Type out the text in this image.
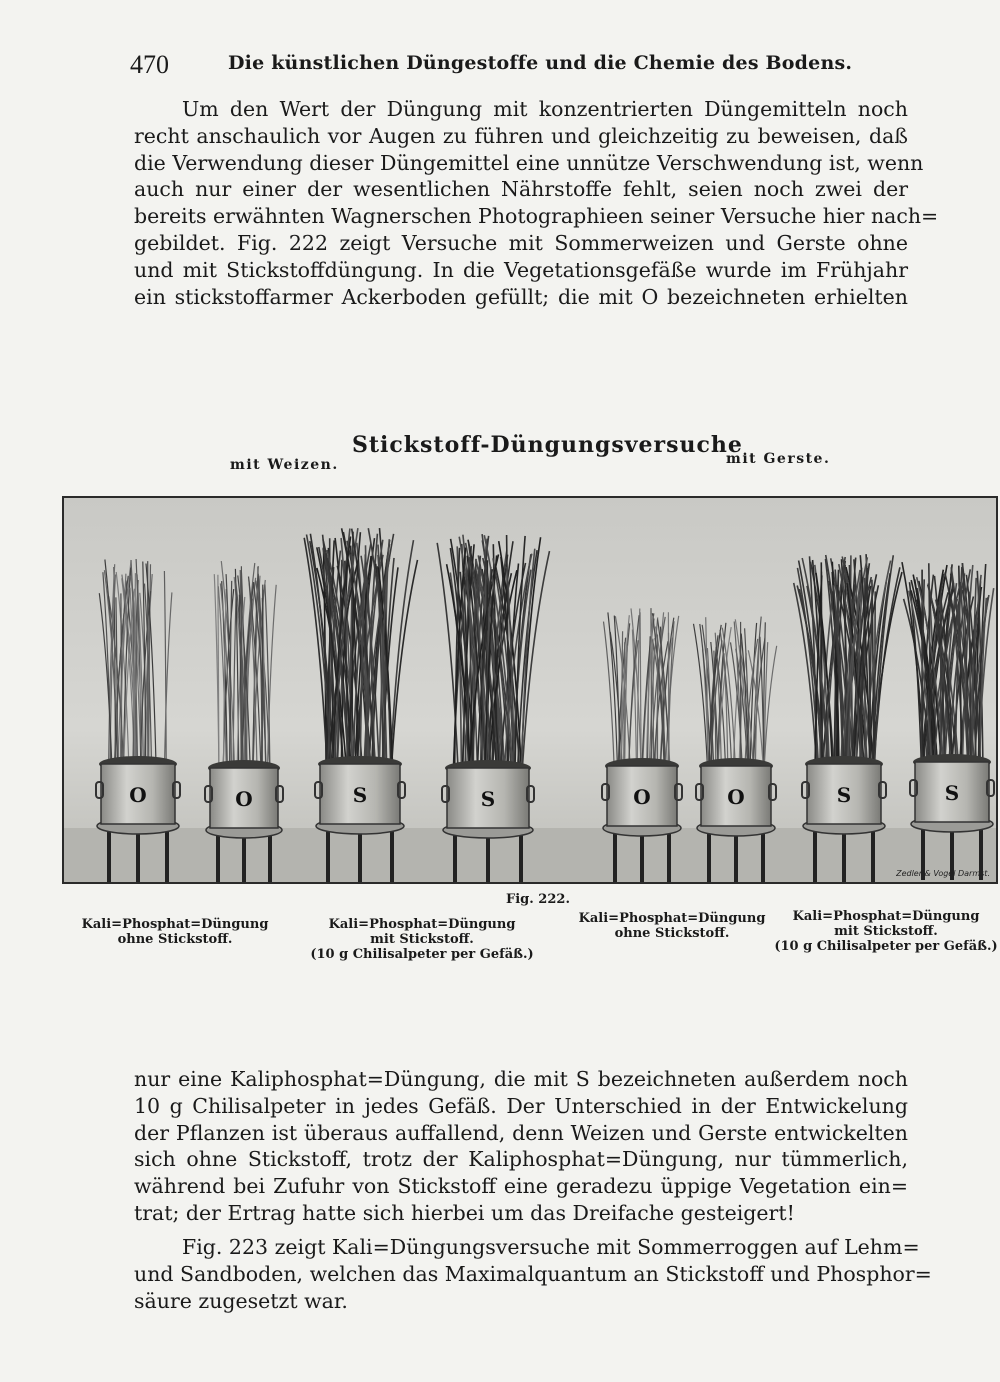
470	Die künstlichen Düngestoffe und die Chemie des Bodens.

Um den Wert der Düngung mit konzentrierten Düngemitteln noch
recht anschaulich vor Augen zu führen und gleichzeitig zu beweisen, daß
die Verwendung dieser Düngemittel eine unnütze Verschwendung ist, wenn
auch nur einer der wesentlichen Nährstoffe fehlt, seien noch zwei der
bereits erwähnten Wagnerschen Photographieen seiner Versuche hier nach=
gebildet. Fig. 222 zeigt Versuche mit Sommerweizen und Gerste ohne
und mit Stickstoffdüngung. In die Vegetationsgefäße wurde im Frühjahr
ein stickstoffarmer Ackerboden gefüllt; die mit O bezeichneten erhielten

Stickstoff-Düngungsversuche
mit Weizen.	mit Gerste.
O	O	S	S	O	O	S	S
Zedler & Vogel Darmst.
Fig. 222.
Kali=Phosphat=Düngung
ohne Stickstoff.
Kali=Phosphat=Düngung
mit Stickstoff.
(10 g Chilisalpeter per Gefäß.)
Kali=Phosphat=Düngung
ohne Stickstoff.
Kali=Phosphat=Düngung
mit Stickstoff.
(10 g Chilisalpeter per Gefäß.)

nur eine Kaliphosphat=Düngung, die mit S bezeichneten außerdem noch
10 g Chilisalpeter in jedes Gefäß. Der Unterschied in der Entwickelung
der Pflanzen ist überaus auffallend, denn Weizen und Gerste entwickelten
sich ohne Stickstoff, trotz der Kaliphosphat=Düngung, nur tümmerlich,
während bei Zufuhr von Stickstoff eine geradezu üppige Vegetation ein=
trat; der Ertrag hatte sich hierbei um das Dreifache gesteigert!

Fig. 223 zeigt Kali=Düngungsversuche mit Sommerroggen auf Lehm=
und Sandboden, welchen das Maximalquantum an Stickstoff und Phosphor=
säure zugesetzt war.
